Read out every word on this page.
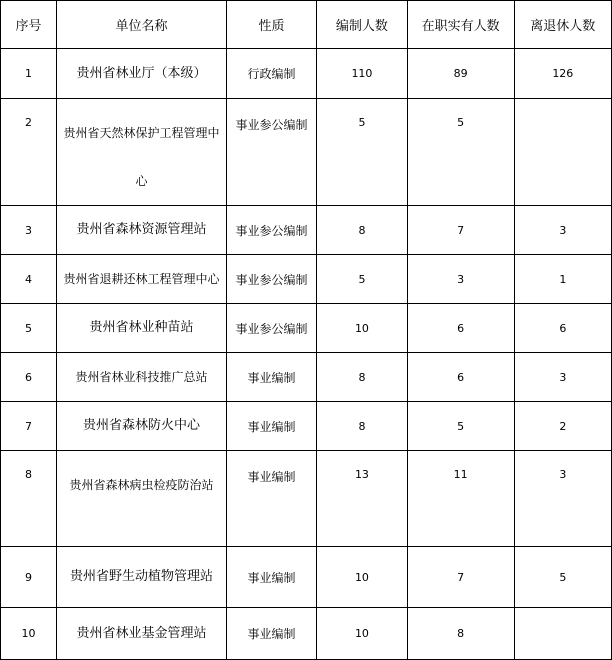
序号	单位名称	性质	编制人数	在职实有人数	离退休人数
1	贵州省林业厅（本级）	行政编制	110	89	126
2	贵州省天然林保护工程管理中心	事业参公编制	5	5	
3	贵州省森林资源管理站	事业参公编制	8	7	3
4	贵州省退耕还林工程管理中心	事业参公编制	5	3	1
5	贵州省林业种苗站	事业参公编制	10	6	6
6	贵州省林业科技推广总站	事业编制	8	6	3
7	贵州省森林防火中心	事业编制	8	5	2
8	贵州省森林病虫检疫防治站	事业编制	13	11	3
9	贵州省野生动植物管理站	事业编制	10	7	5
10	贵州省林业基金管理站	事业编制	10	8	
